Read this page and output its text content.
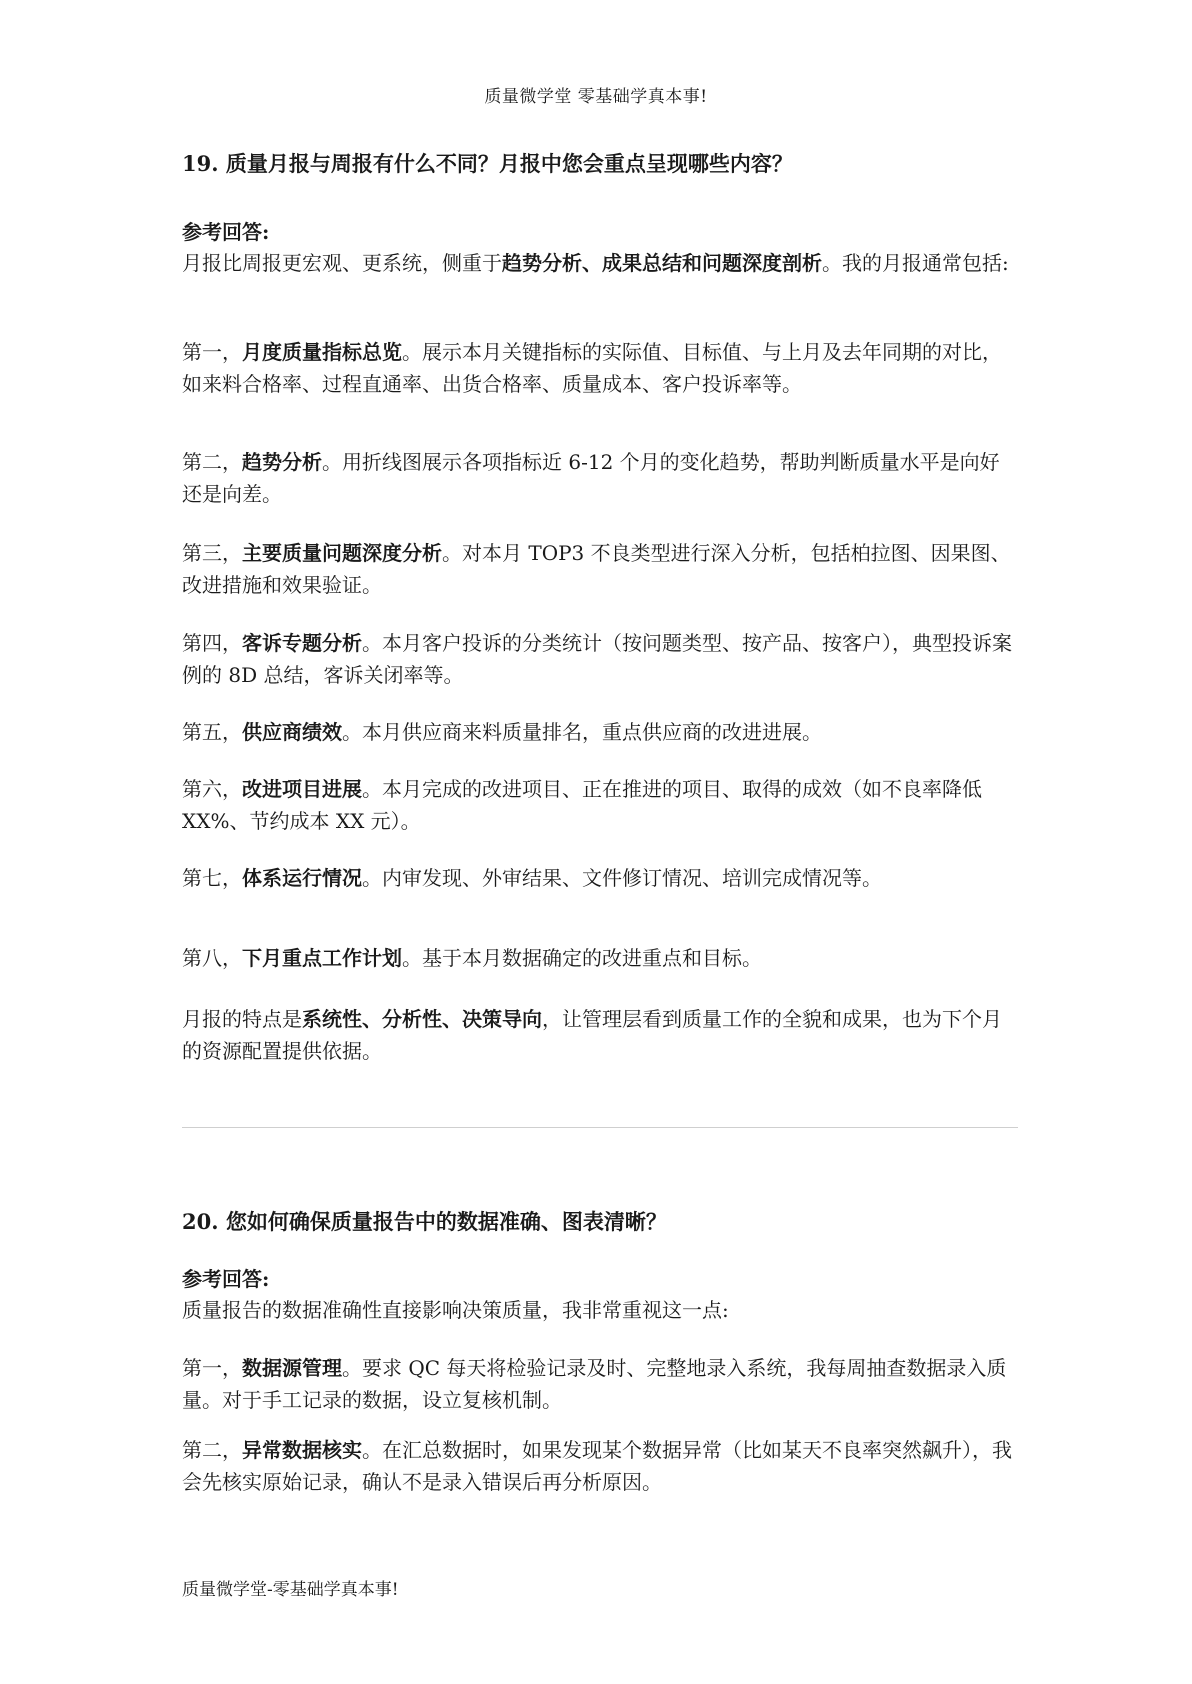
质量微学堂 零基础学真本事!

19. 质量月报与周报有什么不同？月报中您会重点呈现哪些内容？

参考回答:

月报比周报更宏观、更系统，侧重于趋势分析、成果总结和问题深度剖析。我的月报通常包括:

第一，月度质量指标总览。展示本月关键指标的实际值、目标值、与上月及去年同期的对比，如来料合格率、过程直通率、出货合格率、质量成本、客户投诉率等。

第二，趋势分析。用折线图展示各项指标近 6-12 个月的变化趋势，帮助判断质量水平是向好还是向差。

第三，主要质量问题深度分析。对本月 TOP3 不良类型进行深入分析，包括柏拉图、因果图、改进措施和效果验证。

第四，客诉专题分析。本月客户投诉的分类统计（按问题类型、按产品、按客户），典型投诉案例的 8D 总结，客诉关闭率等。

第五，供应商绩效。本月供应商来料质量排名，重点供应商的改进进展。

第六，改进项目进展。本月完成的改进项目、正在推进的项目、取得的成效（如不良率降低 XX%、节约成本 XX 元）。

第七，体系运行情况。内审发现、外审结果、文件修订情况、培训完成情况等。

第八，下月重点工作计划。基于本月数据确定的改进重点和目标。

月报的特点是系统性、分析性、决策导向，让管理层看到质量工作的全貌和成果，也为下个月的资源配置提供依据。

20. 您如何确保质量报告中的数据准确、图表清晰？

参考回答:

质量报告的数据准确性直接影响决策质量，我非常重视这一点:

第一，数据源管理。要求 QC 每天将检验记录及时、完整地录入系统，我每周抽查数据录入质量。对于手工记录的数据，设立复核机制。

第二，异常数据核实。在汇总数据时，如果发现某个数据异常（比如某天不良率突然飙升），我会先核实原始记录，确认不是录入错误后再分析原因。

质量微学堂-零基础学真本事!
